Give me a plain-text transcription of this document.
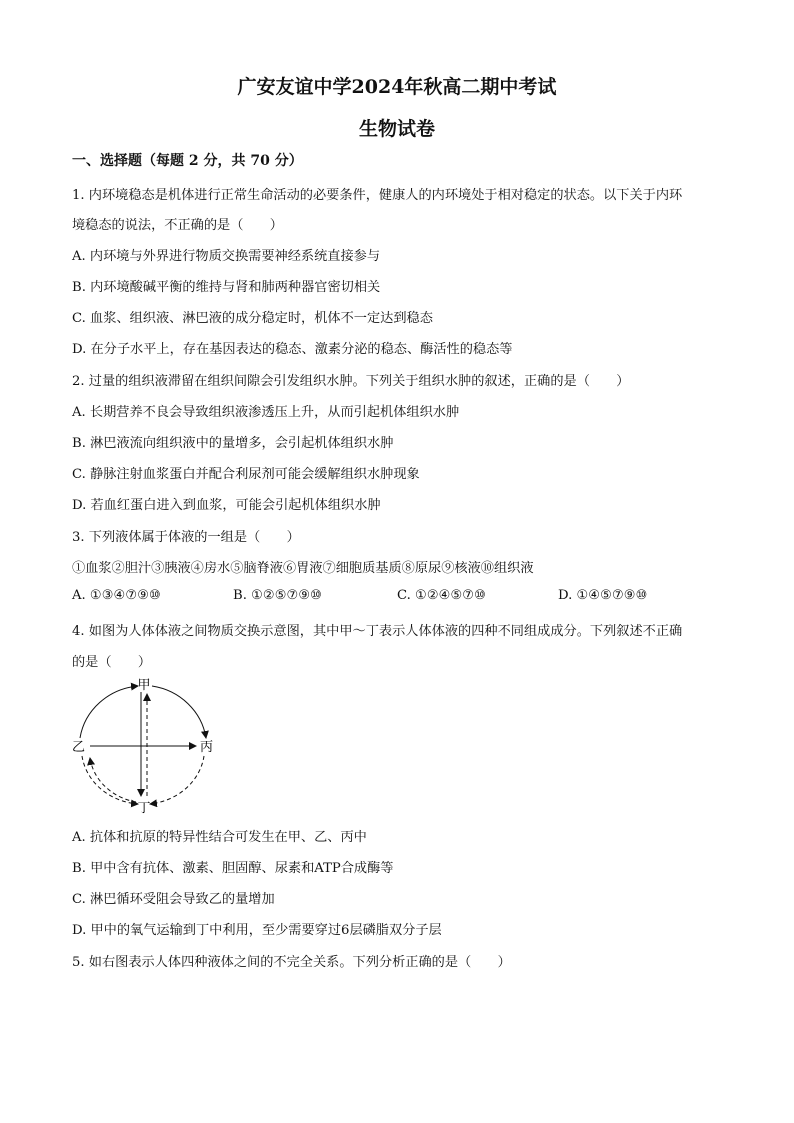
广安友谊中学2024年秋高二期中考试
生物试卷
一、选择题（每题 2 分，共 70 分）
1. 内环境稳态是机体进行正常生命活动的必要条件，健康人的内环境处于相对稳定的状态。以下关于内环
境稳态的说法，不正确的是（　　）
A. 内环境与外界进行物质交换需要神经系统直接参与
B. 内环境酸碱平衡的维持与肾和肺两种器官密切相关
C. 血浆、组织液、淋巴液的成分稳定时，机体不一定达到稳态
D. 在分子水平上，存在基因表达的稳态、激素分泌的稳态、酶活性的稳态等
2. 过量的组织液滞留在组织间隙会引发组织水肿。下列关于组织水肿的叙述，正确的是（　　）
A. 长期营养不良会导致组织液渗透压上升，从而引起机体组织水肿
B. 淋巴液流向组织液中的量增多，会引起机体组织水肿
C. 静脉注射血浆蛋白并配合利尿剂可能会缓解组织水肿现象
D. 若血红蛋白进入到血浆，可能会引起机体组织水肿
3. 下列液体属于体液的一组是（　　）
①血浆②胆汁③胰液④房水⑤脑脊液⑥胃液⑦细胞质基质⑧原尿⑨核液⑩组织液
A. ①③④⑦⑨⑩	B. ①②⑤⑦⑨⑩	C. ①②④⑤⑦⑩	D. ①④⑤⑦⑨⑩
4. 如图为人体体液之间物质交换示意图，其中甲～丁表示人体体液的四种不同组成成分。下列叙述不正确
的是（　　）
甲
乙	丙
丁
A. 抗体和抗原的特异性结合可发生在甲、乙、丙中
B. 甲中含有抗体、激素、胆固醇、尿素和ATP合成酶等
C. 淋巴循环受阻会导致乙的量增加
D. 甲中的氧气运输到丁中利用，至少需要穿过6层磷脂双分子层
5. 如右图表示人体四种液体之间的不完全关系。下列分析正确的是（　　）
